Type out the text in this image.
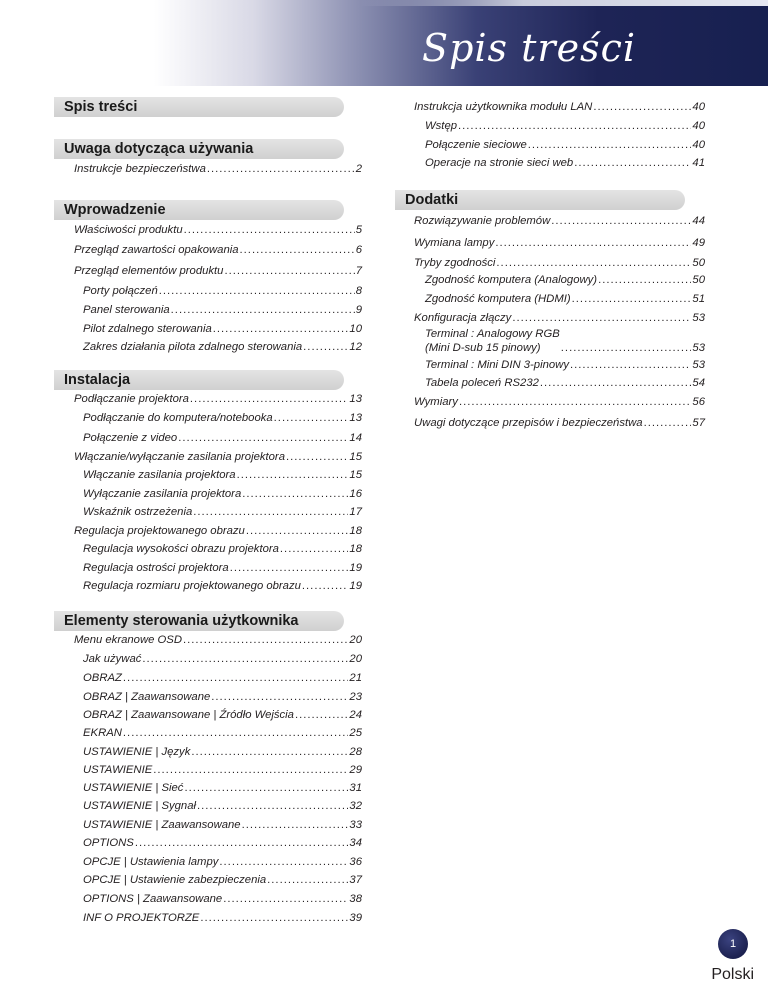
Spis treści
Spis treści
Uwaga dotycząca używania
Instrukcje bezpieczeństwa .....	2
Wprowadzenie
Właściwości produktu .....	5
Przegląd zawartości opakowania .....	6
Przegląd elementów produktu .....	7
Porty połączeń .....	8
Panel sterowania .....	9
Pilot zdalnego sterowania .....	10
Zakres działania pilota zdalnego sterowania .....	12
Instalacja
Podłączanie projektora .....	13
Podłączanie do komputera/notebooka .....	13
Połączenie z video .....	14
Włączanie/wyłączanie zasilania projektora .....	15
Włączanie zasilania projektora .....	15
Wyłączanie zasilania projektora .....	16
Wskaźnik ostrzeżenia .....	17
Regulacja projektowanego obrazu .....	18
Regulacja wysokości obrazu projektora .....	18
Regulacja ostrości projektora .....	19
Regulacja rozmiaru projektowanego obrazu .....	19
Elementy sterowania użytkownika
Menu ekranowe OSD .....	20
Jak używać .....	20
OBRAZ .....	21
OBRAZ | Zaawansowane .....	23
OBRAZ | Zaawansowane | Źródło Wejścia .....	24
EKRAN .....	25
USTAWIENIE | Język .....	28
USTAWIENIE .....	29
USTAWIENIE | Sieć .....	31
USTAWIENIE | Sygnał .....	32
USTAWIENIE | Zaawansowane .....	33
OPTIONS .....	34
OPCJE | Ustawienia lampy .....	36
OPCJE | Ustawienie zabezpieczenia .....	37
OPTIONS | Zaawansowane .....	38
INF O PROJEKTORZE .....	39
Instrukcja użytkownika modułu LAN .....	40
Wstęp .....	40
Połączenie sieciowe .....	40
Operacje na stronie sieci web .....	41
Dodatki
Rozwiązywanie problemów .....	44
Wymiana lampy .....	49
Tryby zgodności .....	50
Zgodność komputera (Analogowy) .....	50
Zgodność komputera (HDMI) .....	51
Konfiguracja złączy .....	53
Terminal : Analogowy RGB
(Mini D-sub 15 pinowy) .....	53
Terminal : Mini DIN 3-pinowy .....	53
Tabela poleceń RS232 .....	54
Wymiary .....	56
Uwagi dotyczące przepisów i bezpieczeństwa .....	57
1
Polski
